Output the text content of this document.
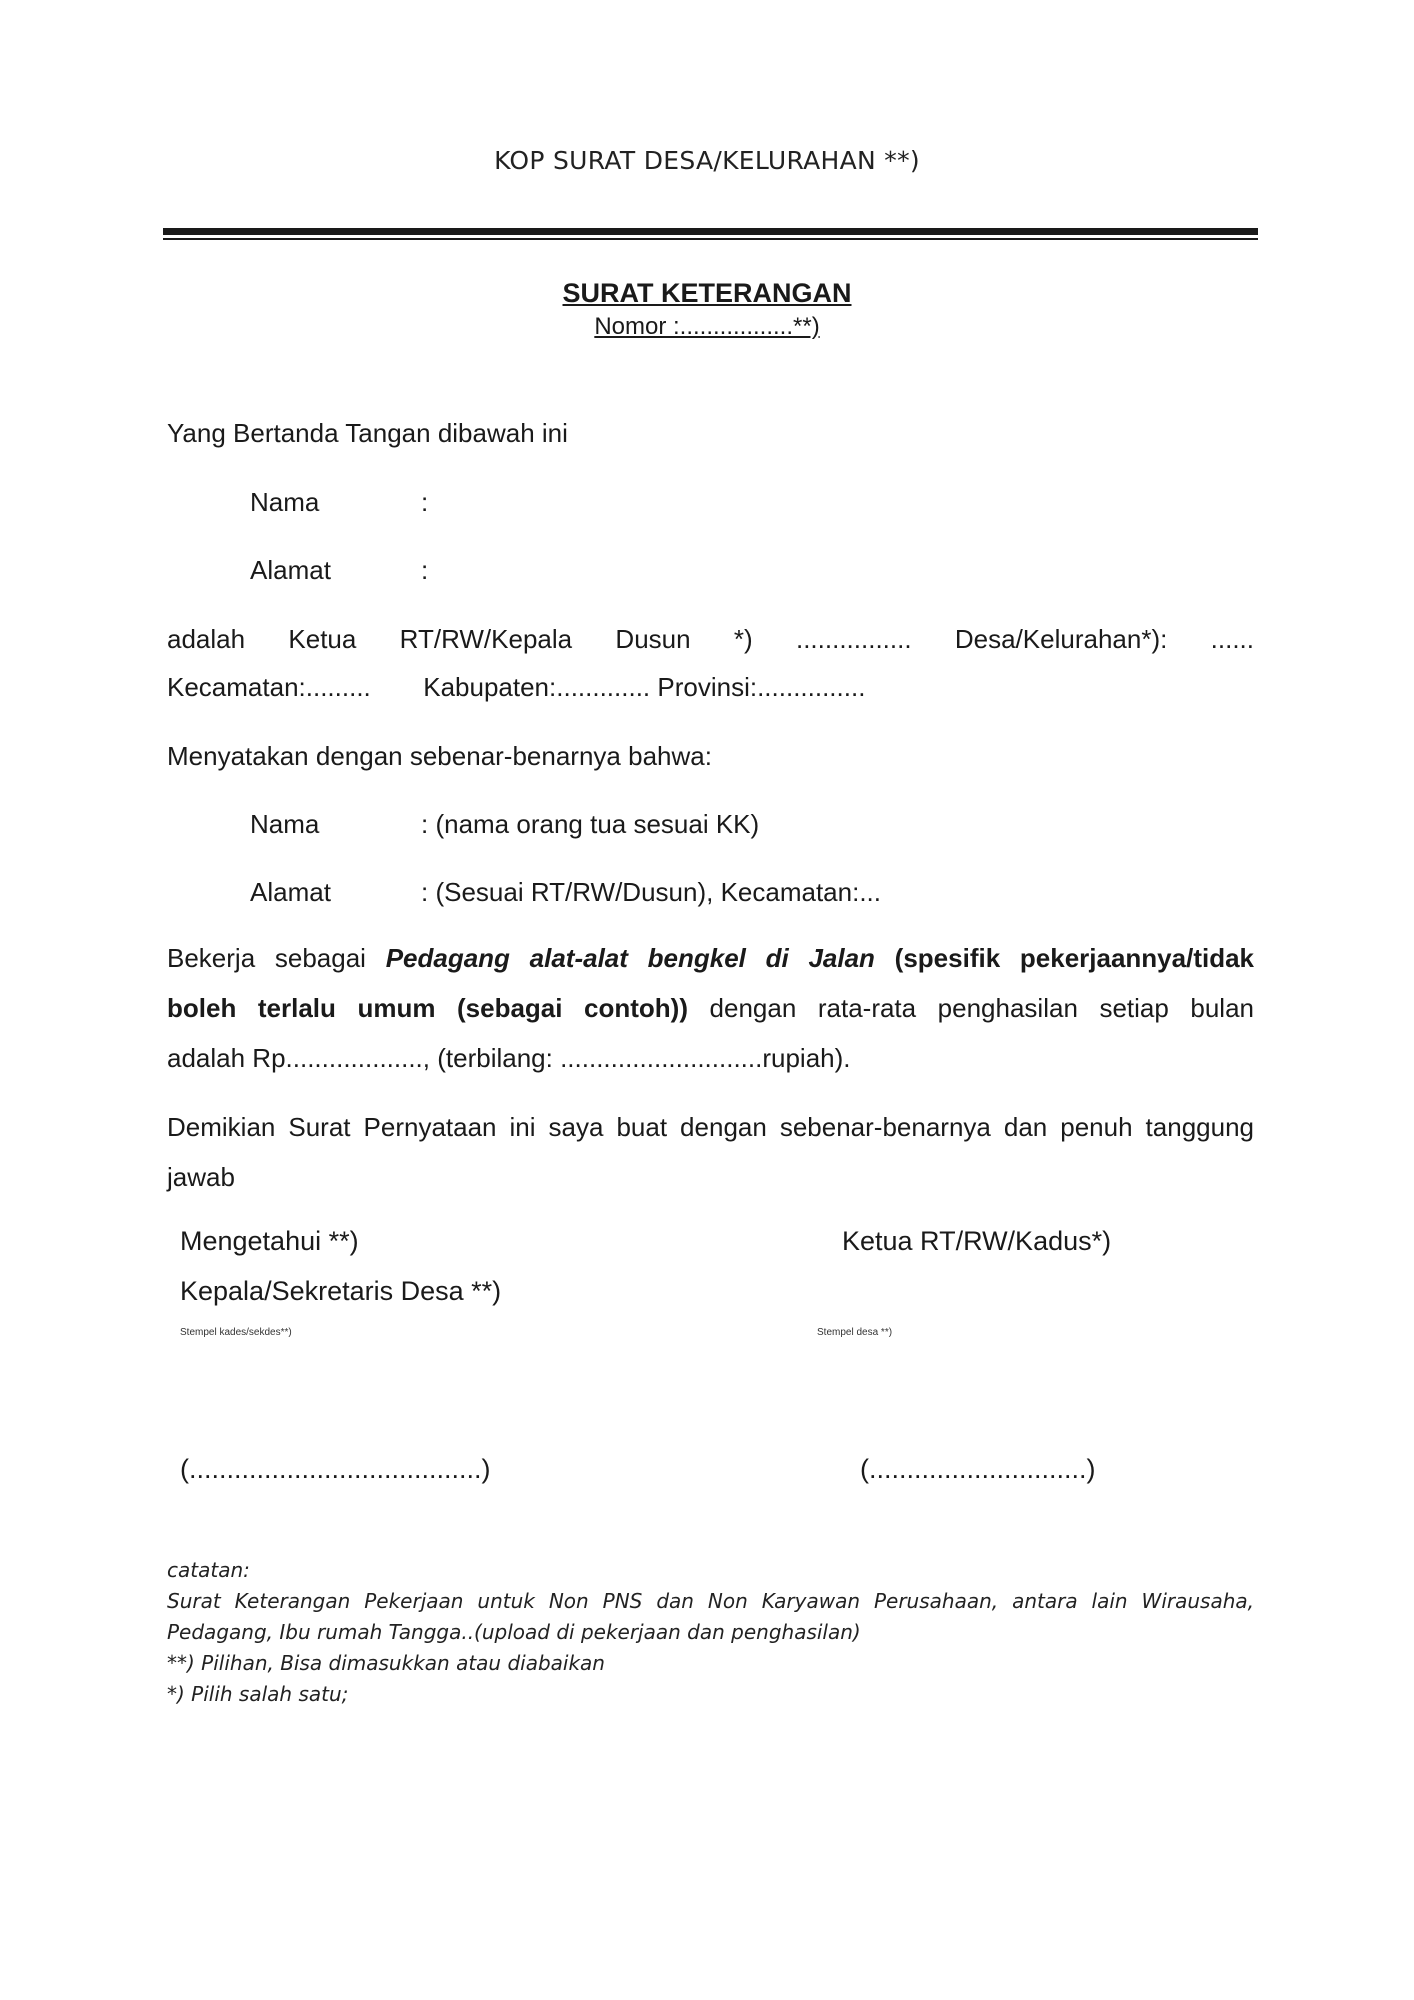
KOP SURAT DESA/KELURAHAN **)
SURAT KETERANGAN
Nomor :.................**)
Yang Bertanda Tangan dibawah ini
Nama	:
Alamat	:
adalah Ketua RT/RW/Kepala Dusun *) ................ Desa/Kelurahan*): ......
Kecamatan:......... Kabupaten:............. Provinsi:...............
Menyatakan dengan sebenar-benarnya bahwa:
Nama	: (nama orang tua sesuai KK)
Alamat	: (Sesuai RT/RW/Dusun), Kecamatan:...
Bekerja sebagai Pedagang alat-alat bengkel di Jalan (spesifik pekerjaannya/tidak
boleh terlalu umum (sebagai contoh)) dengan rata-rata penghasilan setiap bulan
adalah Rp..................., (terbilang: ............................rupiah).
Demikian Surat Pernyataan ini saya buat dengan sebenar-benarnya dan penuh tanggung
jawab
Mengetahui **)
Kepala/Sekretaris Desa **)
Stempel kades/sekdes**)
(.......................................)
Ketua RT/RW/Kadus*)
Stempel desa **)
(.............................)
catatan:
Surat Keterangan Pekerjaan untuk Non PNS dan Non Karyawan Perusahaan, antara lain Wirausaha,
Pedagang, Ibu rumah Tangga..(upload di pekerjaan dan penghasilan)
**) Pilihan, Bisa dimasukkan atau diabaikan
*) Pilih salah satu;
